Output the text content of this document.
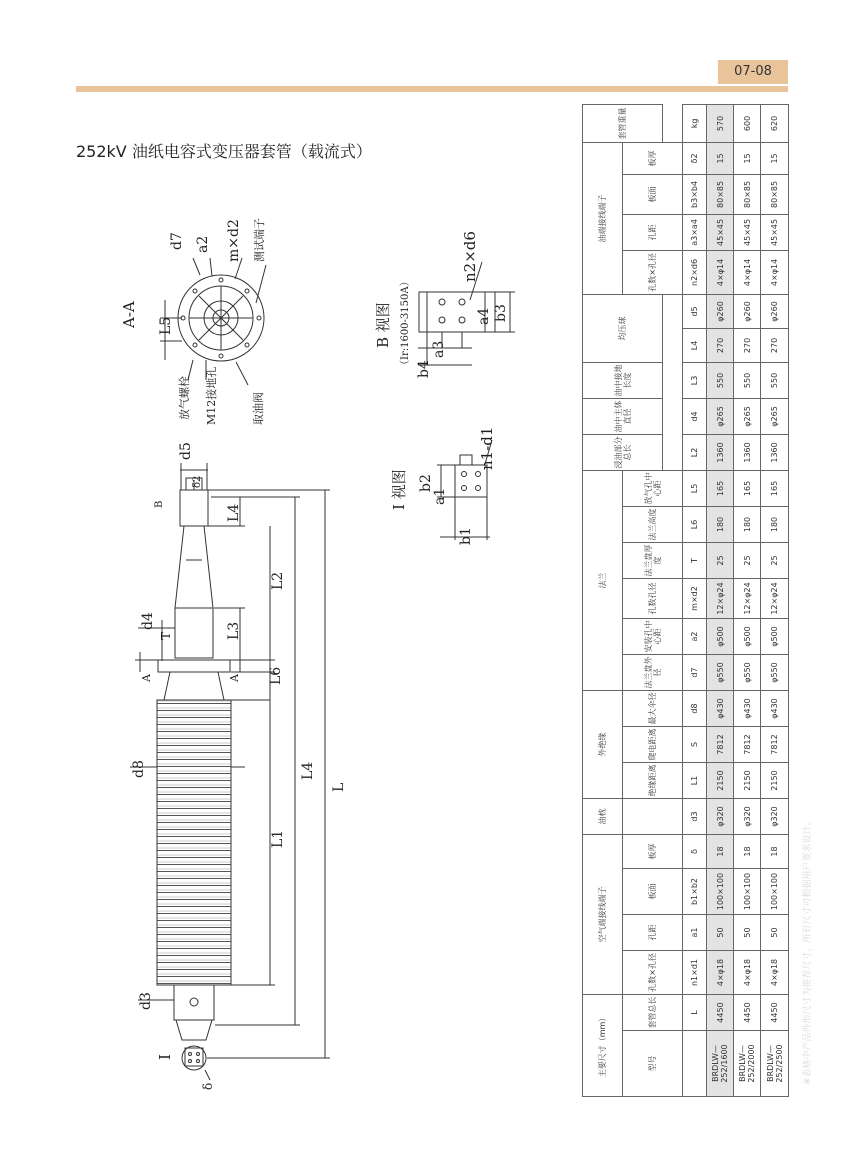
07-08
252kV 油纸电容式变压器套管（载流式）
A-A
d7 a2 m×d2 测试端子
L5
放气螺栓 M12接地孔	取油阀
B 视图 （Ir:1600-3150A）
n2×d6
a4 b3
b4
a3
I 视图
n1-d1
b2
a1
b1
d5
δ2
B	L4
L2
d4
T	L3
A	A L6
d8	L4
L
L1
d3
I
δ
主要尺寸（mm）		空气端接线端子				油枕	外绝缘			法兰						浸油部分总长	油中主体直径	油中接地长度	均压球		油端接线端子				套管重量
型号	套管总长	孔数×孔径	孔距	板面	板厚		绝缘距离	爬电距离	最大伞径	法兰盘外径	安装孔中心距	孔数孔径	法兰盘厚度	法兰高度	放气孔中心距						孔数×孔径	孔距	板面	板厚	

	L	n1×d1	a1	b1×b2	δ	d3	L1	S	d8	d7	a2	m×d2	T	L6	L5	L2	d4	L3	L4	d5	n2×d6	a3×a4	b3×b4	δ2	kg
BRDLW—252/1600	4450	4×φ18	50	100×100	18	φ320	2150	7812	φ430	φ550	φ500	12×φ24	25	180	165	1360	φ265	550	270	φ260	4×φ14	45×45	80×85	15	570
BRDLW—252/2000	4450	4×φ18	50	100×100	18	φ320	2150	7812	φ430	φ550	φ500	12×φ24	25	180	165	1360	φ265	550	270	φ260	4×φ14	45×45	80×85	15	600
BRDLW—252/2500	4450	4×φ18	50	100×100	18	φ320	2150	7812	φ430	φ550	φ500	12×φ24	25	180	165	1360	φ265	550	270	φ260	4×φ14	45×45	80×85	15	620
※表格中产品外形尺寸为推荐尺寸，所有尺寸可根据用户要求设计。
